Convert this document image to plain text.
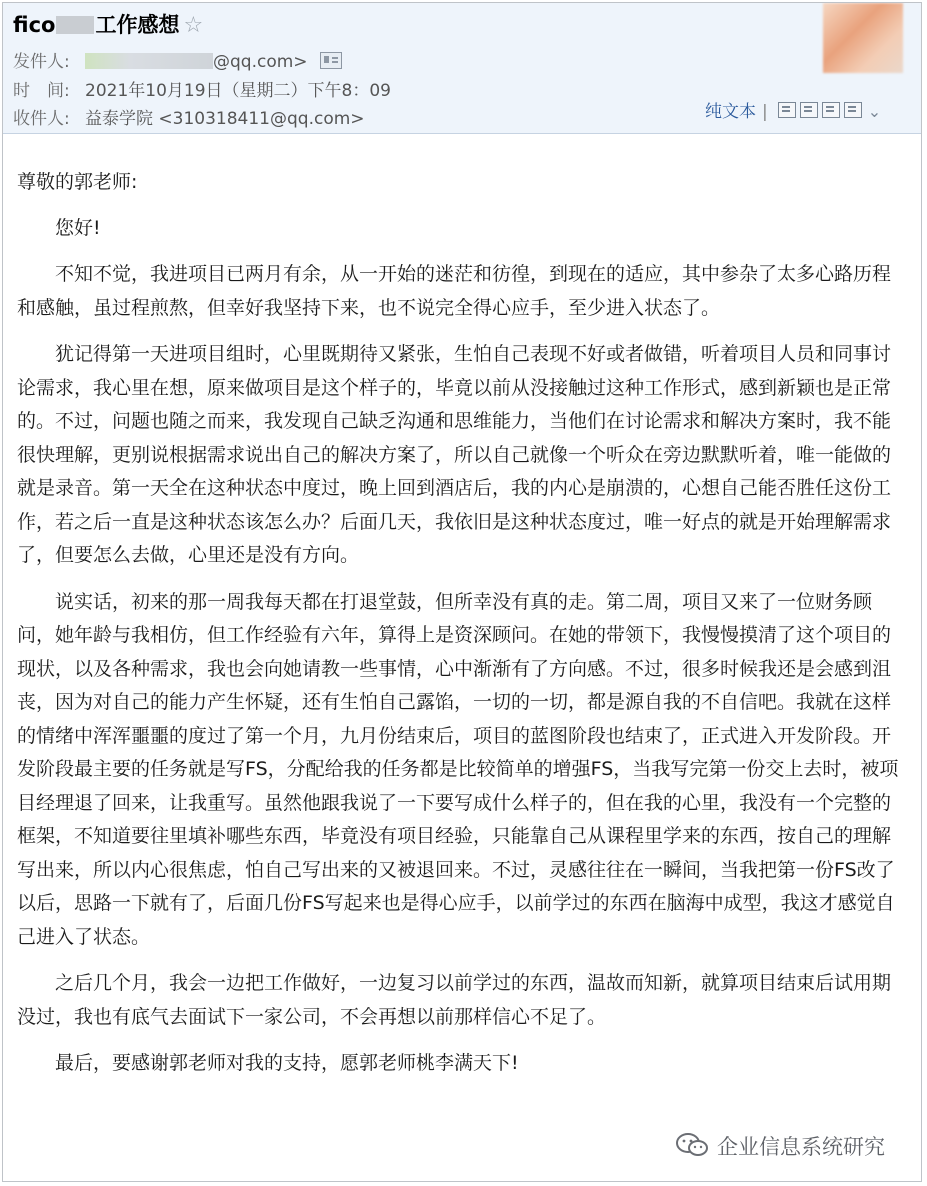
fico 工作感想 ☆
发件人:	@qq.com>
时　间: 2021年10月19日（星期二）下午8：09
收件人: 益泰学院 <310318411@qq.com>	纯文本 |	⌄

尊敬的郭老师:

您好!

不知不觉，我进项目已两月有余，从一开始的迷茫和彷徨，到现在的适应，其中参杂了太多心路历程和感触，虽过程煎熬，但幸好我坚持下来，也不说完全得心应手，至少进入状态了。

犹记得第一天进项目组时，心里既期待又紧张，生怕自己表现不好或者做错，听着项目人员和同事讨论需求，我心里在想，原来做项目是这个样子的，毕竟以前从没接触过这种工作形式，感到新颖也是正常的。不过，问题也随之而来，我发现自己缺乏沟通和思维能力，当他们在讨论需求和解决方案时，我不能很快理解，更别说根据需求说出自己的解决方案了，所以自己就像一个听众在旁边默默听着，唯一能做的就是录音。第一天全在这种状态中度过，晚上回到酒店后，我的内心是崩溃的，心想自己能否胜任这份工作，若之后一直是这种状态该怎么办？后面几天，我依旧是这种状态度过，唯一好点的就是开始理解需求了，但要怎么去做，心里还是没有方向。

说实话，初来的那一周我每天都在打退堂鼓，但所幸没有真的走。第二周，项目又来了一位财务顾问，她年龄与我相仿，但工作经验有六年，算得上是资深顾问。在她的带领下，我慢慢摸清了这个项目的现状，以及各种需求，我也会向她请教一些事情，心中渐渐有了方向感。不过，很多时候我还是会感到沮丧，因为对自己的能力产生怀疑，还有生怕自己露馅，一切的一切，都是源自我的不自信吧。我就在这样的情绪中浑浑噩噩的度过了第一个月，九月份结束后，项目的蓝图阶段也结束了，正式进入开发阶段。开发阶段最主要的任务就是写FS，分配给我的任务都是比较简单的增强FS，当我写完第一份交上去时，被项目经理退了回来，让我重写。虽然他跟我说了一下要写成什么样子的，但在我的心里，我没有一个完整的框架，不知道要往里填补哪些东西，毕竟没有项目经验，只能靠自己从课程里学来的东西，按自己的理解写出来，所以内心很焦虑，怕自己写出来的又被退回来。不过，灵感往往在一瞬间，当我把第一份FS改了以后，思路一下就有了，后面几份FS写起来也是得心应手，以前学过的东西在脑海中成型，我这才感觉自己进入了状态。

之后几个月，我会一边把工作做好，一边复习以前学过的东西，温故而知新，就算项目结束后试用期没过，我也有底气去面试下一家公司，不会再想以前那样信心不足了。

最后，要感谢郭老师对我的支持，愿郭老师桃李满天下!

企业信息系统研究
